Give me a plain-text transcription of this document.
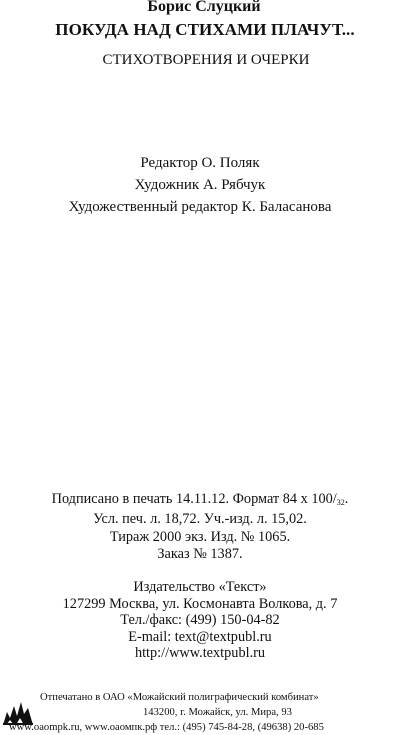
Борис Слуцкий
ПОКУДА НАД СТИХАМИ ПЛАЧУТ...
СТИХОТВОРЕНИЯ И ОЧЕРКИ
Редактор О. Поляк
Художник А. Рябчук
Художественный редактор К. Баласанова
Подписано в печать 14.11.12. Формат 84 х $100/_{32}$.
Усл. печ. л. 18,72. Уч.-изд. л. 15,02.
Тираж 2000 экз. Изд. № 1065.
Заказ № 1387.
Издательство «Текст»
127299 Москва, ул. Космонавта Волкова, д. 7
Тел./факс: (499) 150-04-82
E-mail: text@textpubl.ru
http://www.textpubl.ru
Отпечатано в ОАО «Можайский полиграфический комбинат»
143200, г. Можайск, ул. Мира, 93
www.oaompk.ru, www.оаомпк.рф тел.: (495) 745-84-28, (49638) 20-685
